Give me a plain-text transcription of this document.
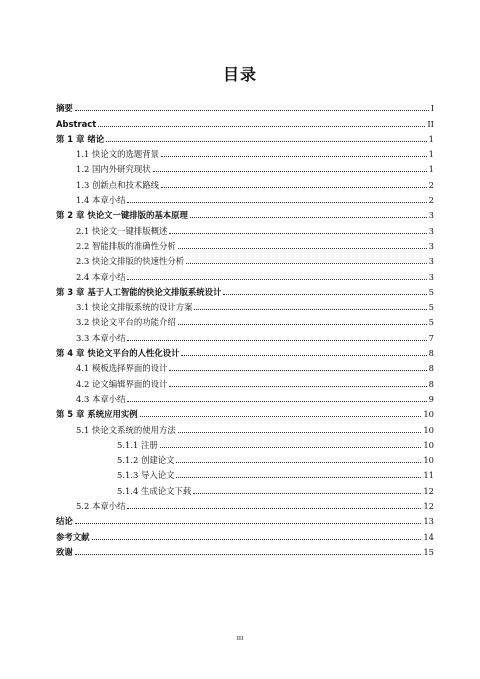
目录
摘要	I
Abstract	II
第 1 章 绪论	1
1.1 快论文的选题背景	1
1.2 国内外研究现状	1
1.3 创新点和技术路线	2
1.4 本章小结	2
第 2 章 快论文一键排版的基本原理	3
2.1 快论文一键排版概述	3
2.2 智能排版的准确性分析	3
2.3 快论文排版的快速性分析	3
2.4 本章小结	3
第 3 章 基于人工智能的快论文排版系统设计	5
3.1 快论文排版系统的设计方案	5
3.2 快论文平台的功能介绍	5
3.3 本章小结	7
第 4 章 快论文平台的人性化设计	8
4.1 模板选择界面的设计	8
4.2 论文编辑界面的设计	8
4.3 本章小结	9
第 5 章 系统应用实例	10
5.1 快论文系统的使用方法	10
5.1.1 注册	10
5.1.2 创建论文	10
5.1.3 导入论文	11
5.1.4 生成论文下载	12
5.2 本章小结	12
结论	13
参考文献	14
致谢	15
III
